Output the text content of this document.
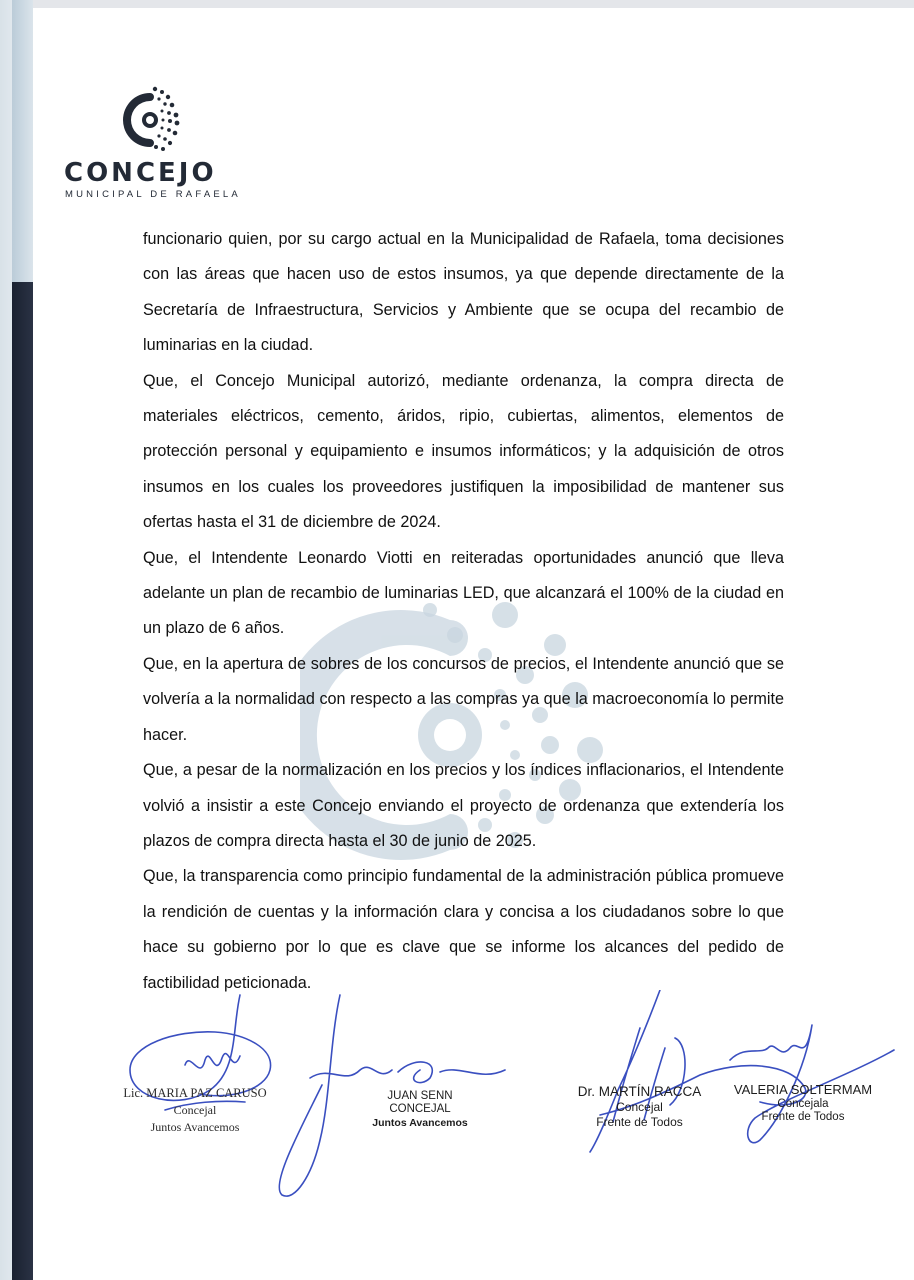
CONCEJO
MUNICIPAL DE RAFAELA

funcionario quien, por su cargo actual en la Municipalidad de Rafaela, toma decisiones con las áreas que hacen uso de estos insumos, ya que depende directamente de la Secretaría de Infraestructura, Servicios y Ambiente que se ocupa del recambio de luminarias en la ciudad.

Que, el Concejo Municipal autorizó, mediante ordenanza, la compra directa de materiales eléctricos, cemento, áridos, ripio, cubiertas, alimentos, elementos de protección personal y equipamiento e insumos informáticos; y la adquisición de otros insumos en los cuales los proveedores justifiquen la imposibilidad de mantener sus ofertas hasta el 31 de diciembre de 2024.

Que, el Intendente Leonardo Viotti en reiteradas oportunidades anunció que lleva adelante un plan de recambio de luminarias LED, que alcanzará el 100% de la ciudad en un plazo de 6 años.

Que, en la apertura de sobres de los concursos de precios, el Intendente anunció que se volvería a la normalidad con respecto a las compras ya que la macroeconomía lo permite hacer.

Que, a pesar de la normalización en los precios y los índices inflacionarios, el Intendente volvió a insistir a este Concejo enviando el proyecto de ordenanza que extendería los plazos de compra directa hasta el 30 de junio de 2025.

Que, la transparencia como principio fundamental de la administración pública promueve la rendición de cuentas y la información clara y concisa a los ciudadanos sobre lo que hace su gobierno por lo que es clave que se informe los alcances del pedido de factibilidad peticionada.

Lic. MARIA PAZ CARUSO
Concejal
Juntos Avancemos
JUAN SENN
CONCEJAL
Juntos Avancemos
Dr. MARTÍN RACCA
Concejal
Frente de Todos
VALERIA SOLTERMAM
Concejala
Frente de Todos
